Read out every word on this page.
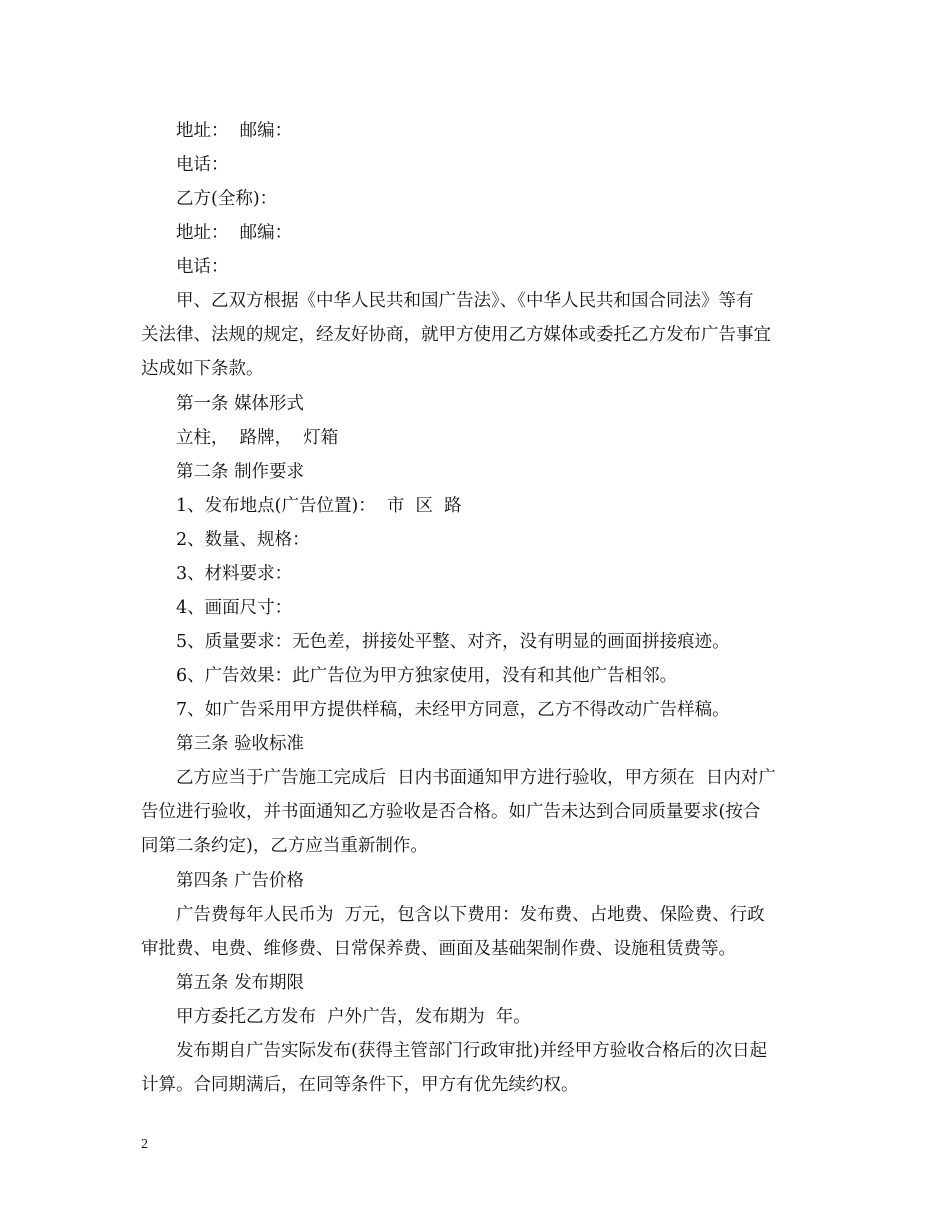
地址：  邮编：
电话：
乙方(全称)：
地址：  邮编：
电话：
甲、乙双方根据《中华人民共和国广告法》、《中华人民共和国合同法》等有
关法律、法规的规定，经友好协商，就甲方使用乙方媒体或委托乙方发布广告事宜
达成如下条款。
第一条 媒体形式
立柱，  路牌，  灯箱
第二条 制作要求
1、发布地点(广告位置)：  市  区  路
2、数量、规格：
3、材料要求：
4、画面尺寸：
5、质量要求：无色差，拼接处平整、对齐，没有明显的画面拼接痕迹。
6、广告效果：此广告位为甲方独家使用，没有和其他广告相邻。
7、如广告采用甲方提供样稿，未经甲方同意，乙方不得改动广告样稿。
第三条 验收标准
乙方应当于广告施工完成后  日内书面通知甲方进行验收，甲方须在  日内对广
告位进行验收，并书面通知乙方验收是否合格。如广告未达到合同质量要求(按合
同第二条约定)，乙方应当重新制作。
第四条 广告价格
广告费每年人民币为  万元，包含以下费用：发布费、占地费、保险费、行政
审批费、电费、维修费、日常保养费、画面及基础架制作费、设施租赁费等。
第五条 发布期限
甲方委托乙方发布  户外广告，发布期为  年。
发布期自广告实际发布(获得主管部门行政审批)并经甲方验收合格后的次日起
计算。合同期满后，在同等条件下，甲方有优先续约权。
2
